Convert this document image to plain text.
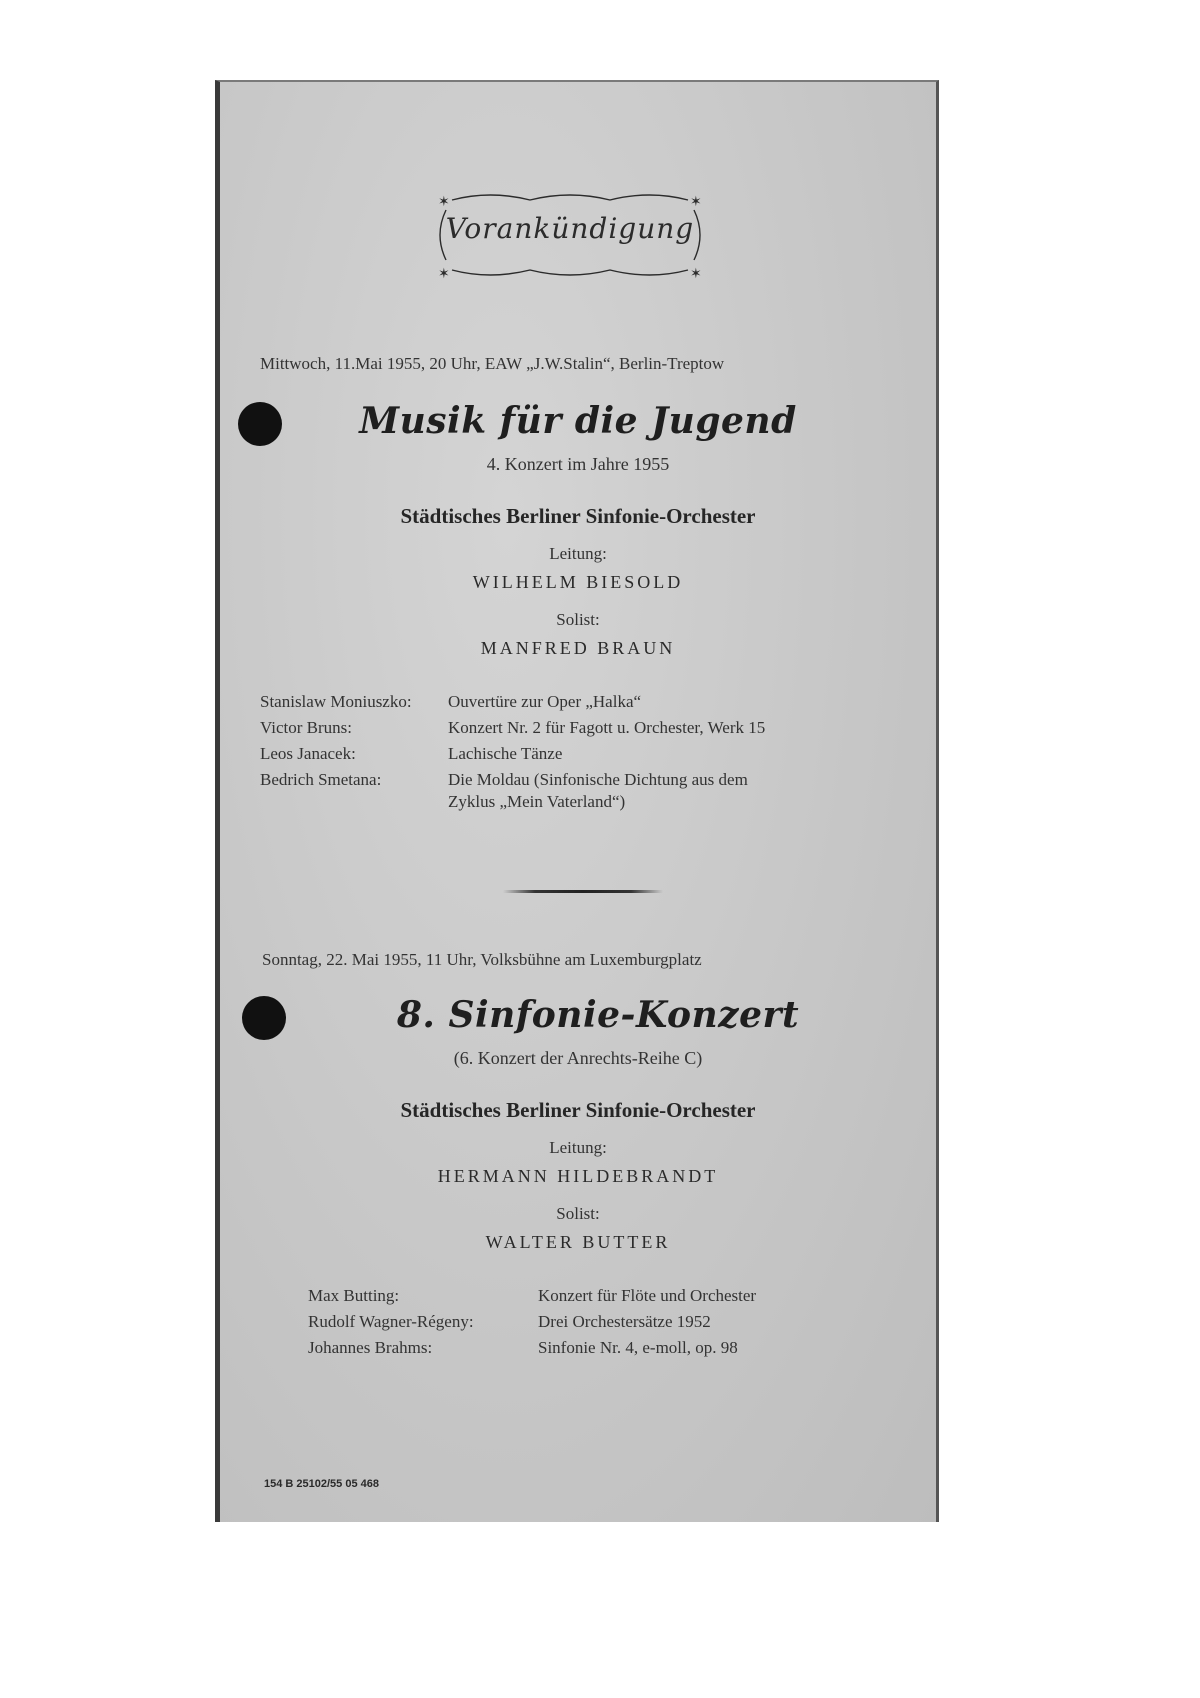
✶	✶
✶	✶
Vorankündigung
Mittwoch, 11.Mai 1955, 20 Uhr, EAW „J.W.Stalin“, Berlin-Treptow
Musik für die Jugend
4. Konzert im Jahre 1955
Städtisches Berliner Sinfonie-Orchester
Leitung:
WILHELM BIESOLD
Solist:
MANFRED BRAUN
Stanislaw Moniuszko: Ouvertüre zur Oper „Halka“
Victor Bruns:	Konzert Nr. 2 für Fagott u. Orchester, Werk 15
Leos Janacek:	Lachische Tänze
Bedrich Smetana:	Die Moldau (Sinfonische Dichtung aus dem
Zyklus „Mein Vaterland“)
Sonntag, 22. Mai 1955, 11 Uhr, Volksbühne am Luxemburgplatz
8. Sinfonie-Konzert
(6. Konzert der Anrechts-Reihe C)
Städtisches Berliner Sinfonie-Orchester
Leitung:
HERMANN HILDEBRANDT
Solist:
WALTER BUTTER
Max Butting:	Konzert für Flöte und Orchester
Rudolf Wagner-Régeny:	Drei Orchestersätze 1952
Johannes Brahms:	Sinfonie Nr. 4, e-moll, op. 98
154 B 25102/55 05 468
